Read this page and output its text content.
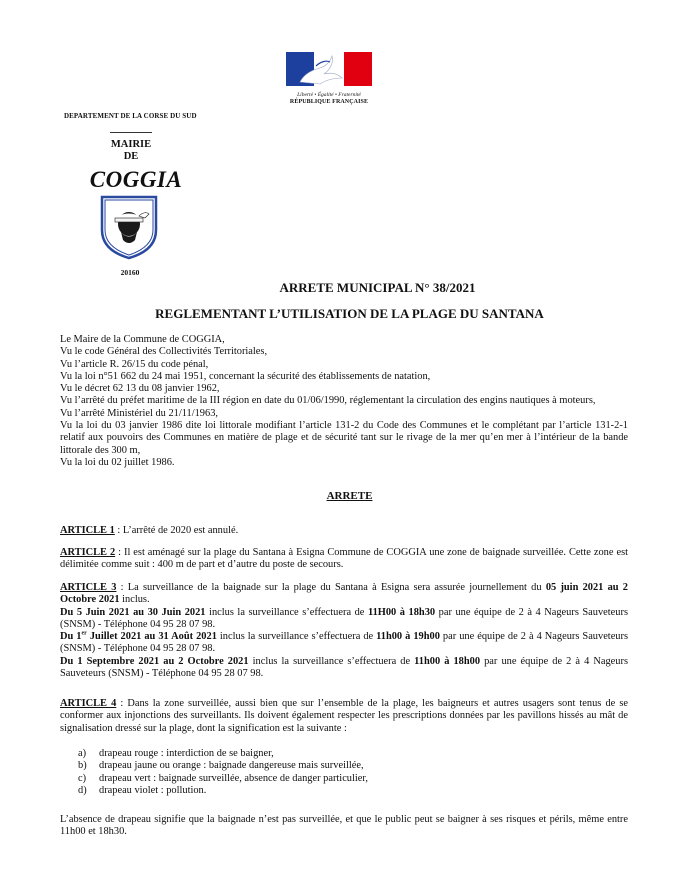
Liberté • Égalité • Fraternité
RÉPUBLIQUE FRANÇAISE
DEPARTEMENT DE LA CORSE DU SUD
MAIRIE
DE
COGGIA
20160
ARRETE MUNICIPAL N° 38/2021
REGLEMENTANT L’UTILISATION DE LA PLAGE DU SANTANA

Le Maire de la Commune de COGGIA,

Vu le code Général des Collectivités Territoriales,

Vu l’article R. 26/15 du code pénal,

Vu la loi n°51 662 du 24 mai 1951, concernant la sécurité des établissements de natation,

Vu le décret 62 13 du 08 janvier 1962,

Vu l’arrêté du préfet maritime de la III région en date du 01/06/1990, réglementant la circulation des engins nautiques à moteurs,

Vu l’arrêté Ministériel du 21/11/1963,

Vu la loi du 03 janvier 1986 dite loi littorale modifiant l’article 131-2 du Code des Communes et le complétant par l’article 131-2-1 relatif aux pouvoirs des Communes en matière de plage et de sécurité tant sur le rivage de la mer qu’en mer à l’intérieur de la bande littorale des 300 m,

Vu la loi du 02 juillet 1986.

ARRETE

ARTICLE 1 : L’arrêté de 2020 est annulé.

ARTICLE 2 : Il est aménagé sur la plage du Santana à Esigna Commune de COGGIA une zone de baignade surveillée. Cette zone est délimitée comme suit : 400 m de part et d’autre du poste de secours.

ARTICLE 3 : La surveillance de la baignade sur la plage du Santana à Esigna sera assurée journellement du 05 juin 2021 au 2 Octobre 2021 inclus.

Du 5 Juin 2021 au 30 Juin 2021 inclus la surveillance s’effectuera de 11H00 à 18h30 par une équipe de 2 à 4 Nageurs Sauveteurs (SNSM) - Téléphone 04 95 28 07 98.

Du 1er Juillet 2021 au 31 Août 2021 inclus la surveillance s’effectuera de 11h00 à 19h00 par une équipe de 2 à 4 Nageurs Sauveteurs (SNSM) - Téléphone 04 95 28 07 98.

Du 1 Septembre 2021 au 2 Octobre 2021 inclus la surveillance s’effectuera de 11h00 à 18h00 par une équipe de 2 à 4 Nageurs Sauveteurs (SNSM) - Téléphone 04 95 28 07 98.

ARTICLE 4 : Dans la zone surveillée, aussi bien que sur l’ensemble de la plage, les baigneurs et autres usagers sont tenus de se conformer aux injonctions des surveillants. Ils doivent également respecter les prescriptions données par les pavillons hissés au mât de signalisation dressé sur la plage, dont la signification est la suivante :

a)	drapeau rouge : interdiction de se baigner,
b)	drapeau jaune ou orange : baignade dangereuse mais surveillée,
c)	drapeau vert : baignade surveillée, absence de danger particulier,
d)	drapeau violet : pollution.

L’absence de drapeau signifie que la baignade n’est pas surveillée, et que le public peut se baigner à ses risques et périls, même entre 11h00 et 18h30.
